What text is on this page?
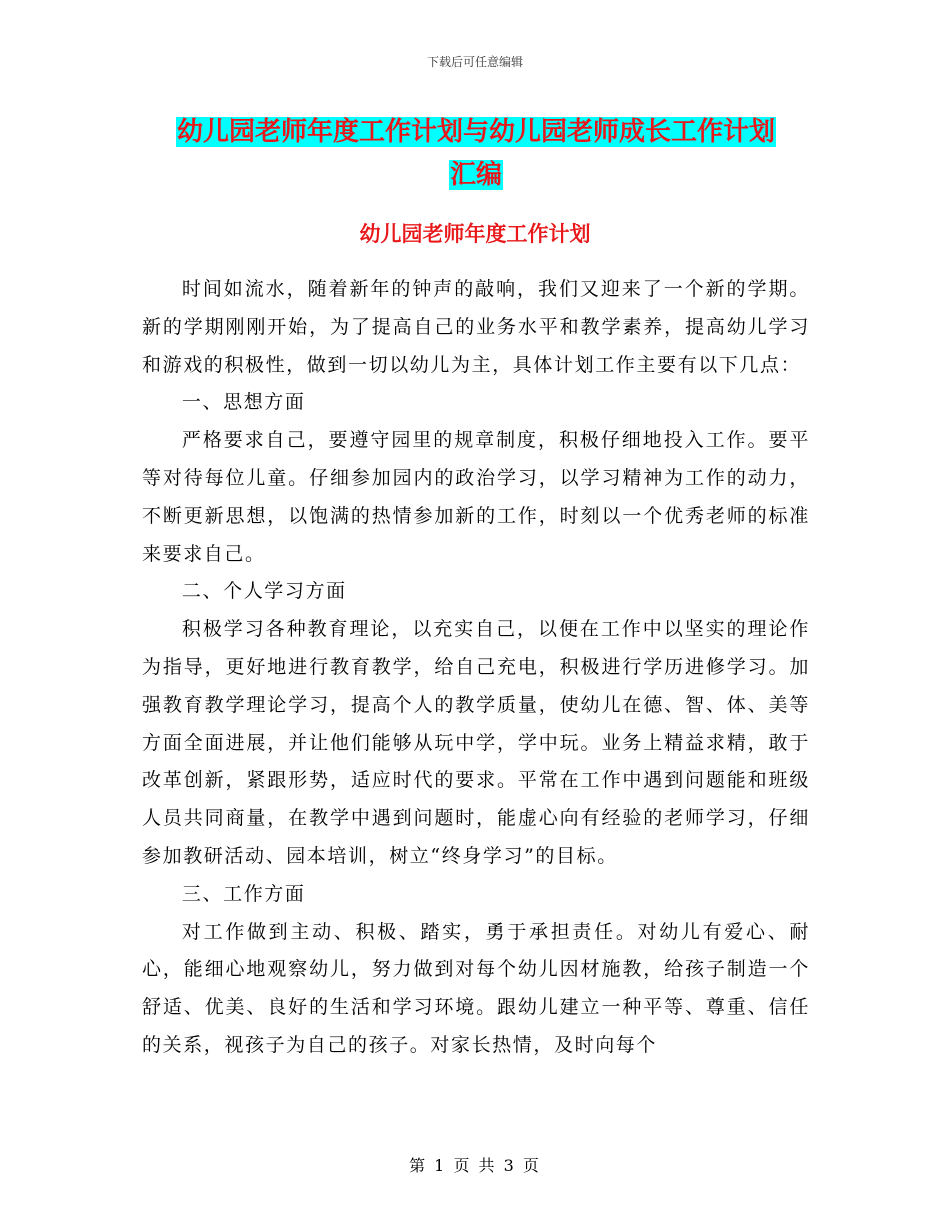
下载后可任意编辑
幼儿园老师年度工作计划与幼儿园老师成长工作计划
汇编
幼儿园老师年度工作计划

时间如流水，随着新年的钟声的敲响，我们又迎来了一个新的学期。新的学期刚刚开始，为了提高自己的业务水平和教学素养，提高幼儿学习和游戏的积极性，做到一切以幼儿为主，具体计划工作主要有以下几点：

一、思想方面

严格要求自己，要遵守园里的规章制度，积极仔细地投入工作。要平等对待每位儿童。仔细参加园内的政治学习，以学习精神为工作的动力，不断更新思想，以饱满的热情参加新的工作，时刻以一个优秀老师的标准来要求自己。

二、个人学习方面

积极学习各种教育理论，以充实自己，以便在工作中以坚实的理论作为指导，更好地进行教育教学，给自己充电，积极进行学历进修学习。加强教育教学理论学习，提高个人的教学质量，使幼儿在德、智、体、美等方面全面进展，并让他们能够从玩中学，学中玩。业务上精益求精，敢于改革创新，紧跟形势，适应时代的要求。平常在工作中遇到问题能和班级人员共同商量，在教学中遇到问题时，能虚心向有经验的老师学习，仔细参加教研活动、园本培训，树立“终身学习”的目标。

三、工作方面

对工作做到主动、积极、踏实，勇于承担责任。对幼儿有爱心、耐心，能细心地观察幼儿，努力做到对每个幼儿因材施教，给孩子制造一个舒适、优美、良好的生活和学习环境。跟幼儿建立一种平等、尊重、信任的关系，视孩子为自己的孩子。对家长热情，及时向每个

第 1 页 共 3 页
